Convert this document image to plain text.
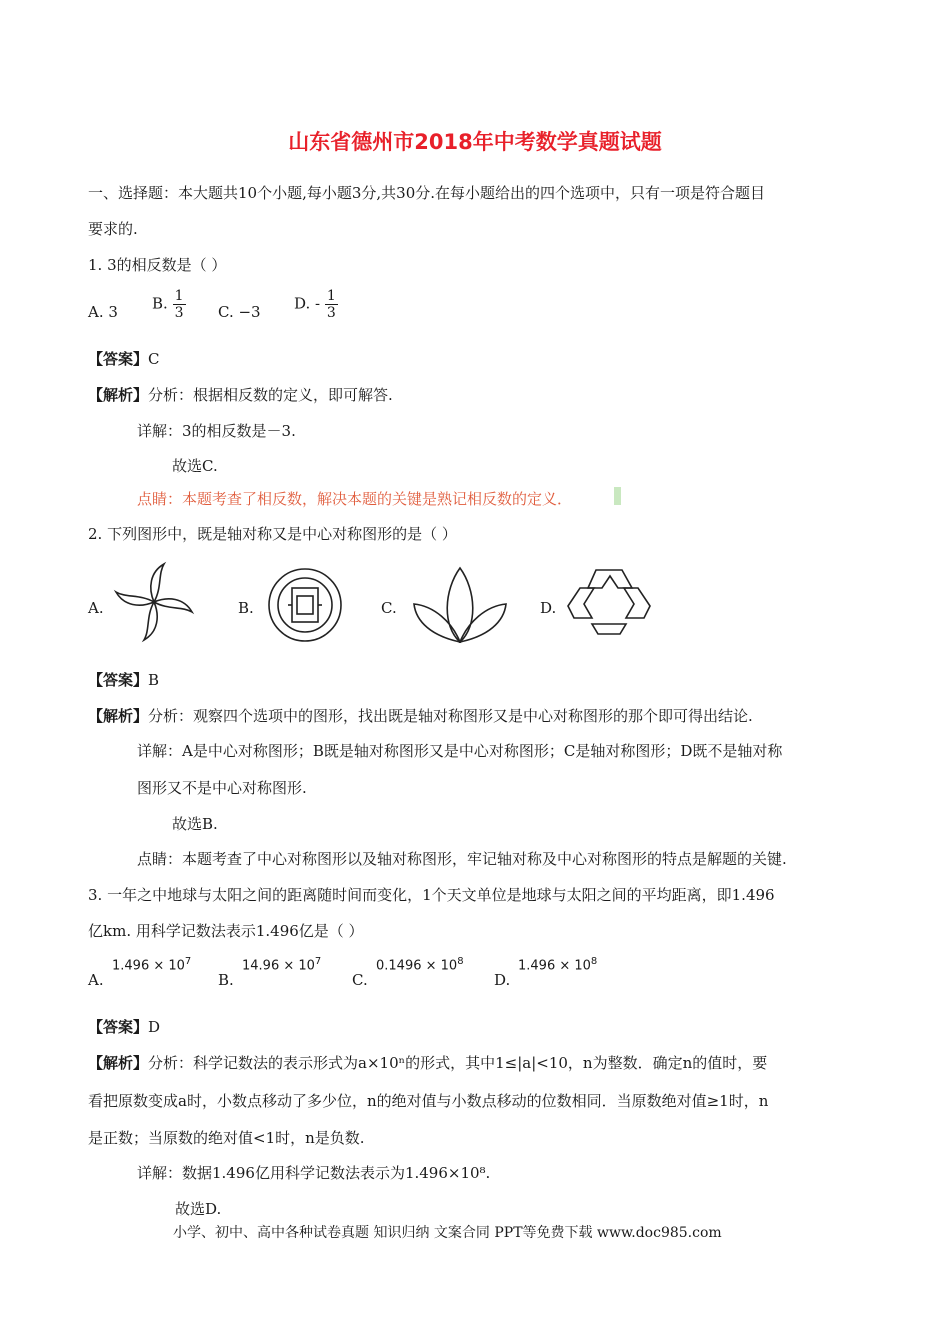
山东省德州市2018年中考数学真题试题
一、选择题：本大题共10个小题,每小题3分,共30分.在每小题给出的四个选项中，只有一项是符合题目
要求的.
1. 3的相反数是（ ）
A. 3 B. $\frac{1}{3} C$. −3 D. - $\frac{1}{3}$
【答案】C
【解析】分析：根据相反数的定义，即可解答.
详解：3的相反数是－3.
故选C.
点睛：本题考查了相反数，解决本题的关键是熟记相反数的定义．
2. 下列图形中，既是轴对称又是中心对称图形的是（ ）
A.	B.	C.	D.
【答案】B
【解析】分析：观察四个选项中的图形，找出既是轴对称图形又是中心对称图形的那个即可得出结论.
详解：A是中心对称图形；B既是轴对称图形又是中心对称图形；C是轴对称图形；D既不是轴对称
图形又不是中心对称图形.
故选B.
点睛：本题考查了中心对称图形以及轴对称图形，牢记轴对称及中心对称图形的特点是解题的关键.
3. 一年之中地球与太阳之间的距离随时间而变化，1个天文单位是地球与太阳之间的平均距离，即1.496
亿km. 用科学记数法表示1.496亿是（ ）
A.
$1.496 \times 10^7$
B.
$14.96 \times 10^7$
C.
$0.1496 \times 10^8$
D.
$1.496 \times 10^8$
【答案】D
【解析】分析：科学记数法的表示形式为a×10ⁿ的形式，其中1≤|a|<10，n为整数．确定n的值时，要
看把原数变成a时，小数点移动了多少位，n的绝对值与小数点移动的位数相同．当原数绝对值≥1时，n
是正数；当原数的绝对值<1时，n是负数.
详解：数据1.496亿用科学记数法表示为1.496×10⁸.
故选D.
小学、初中、高中各种试卷真题 知识归纳 文案合同 PPT等免费下载 www.doc985.com
